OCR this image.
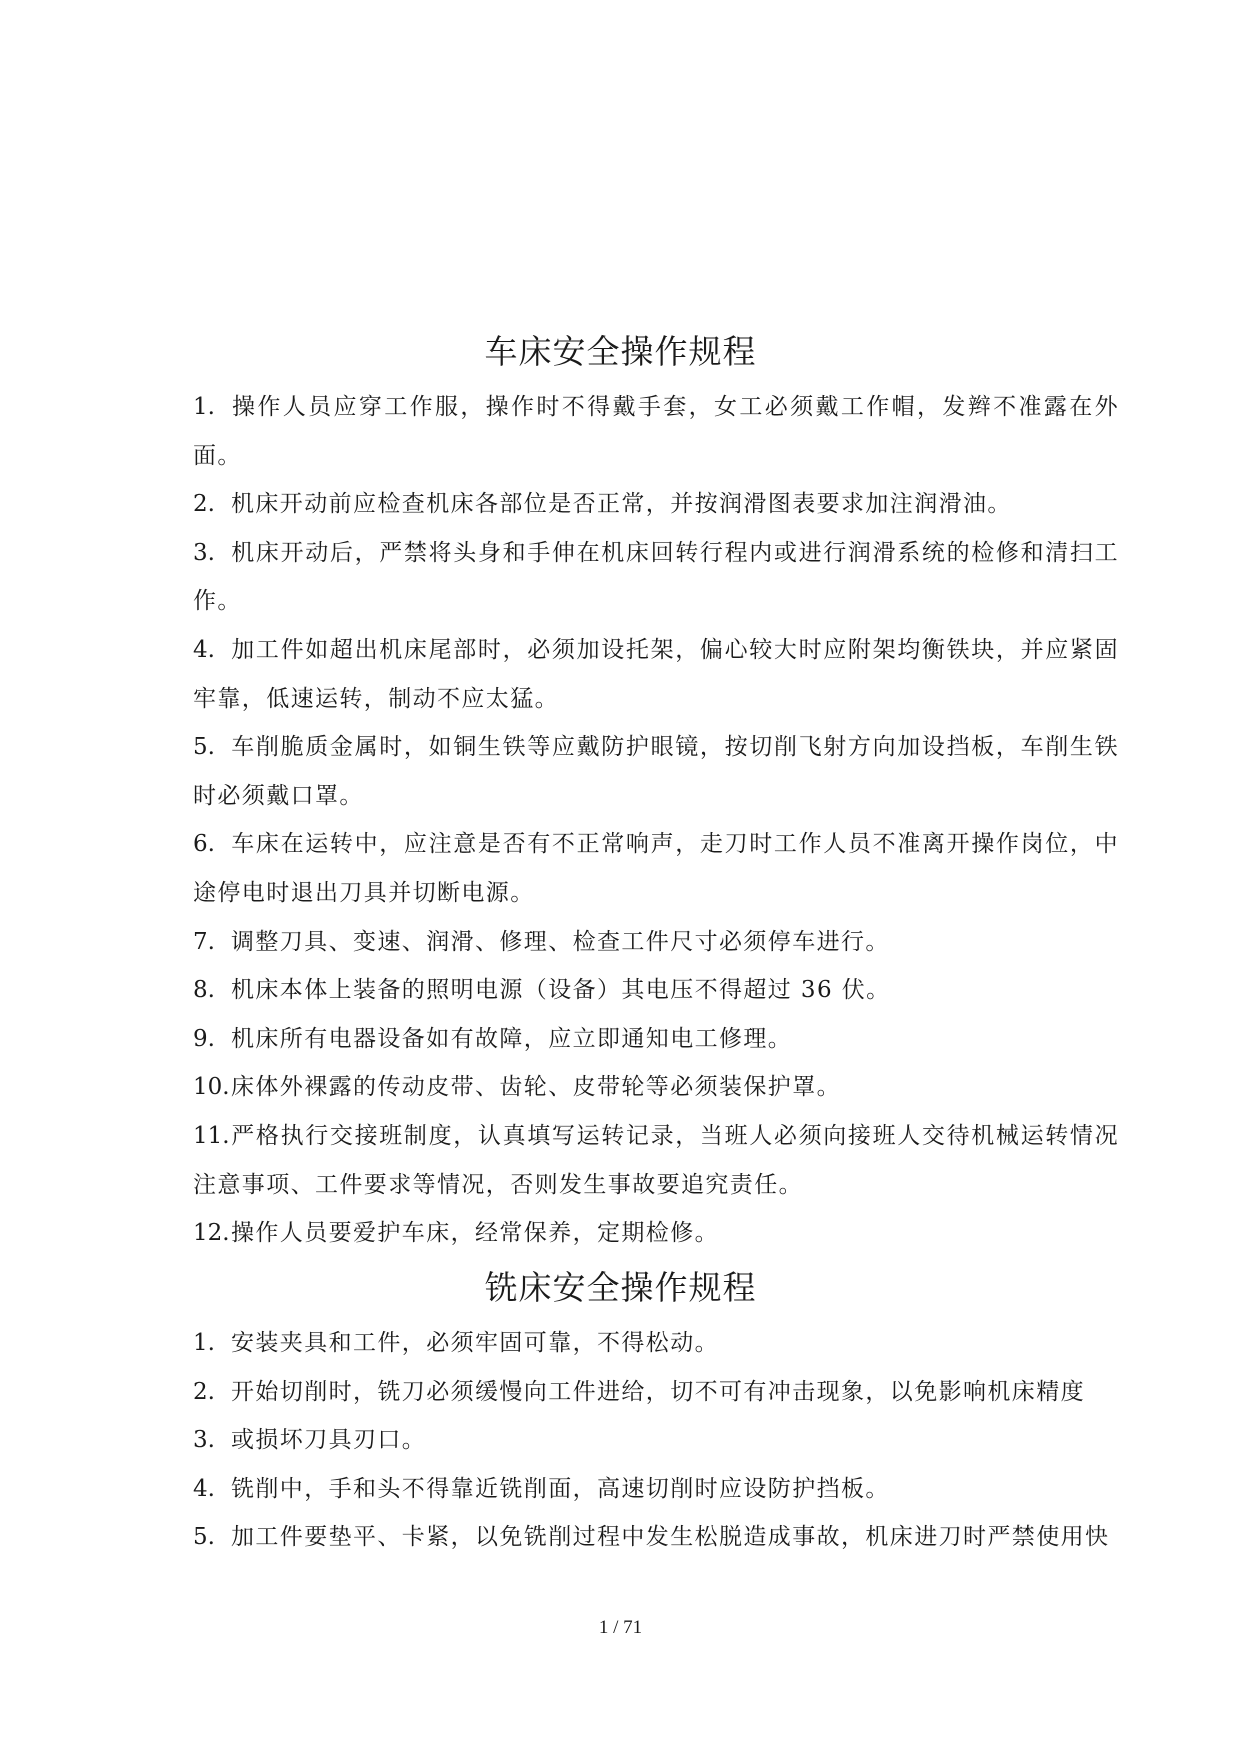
车床安全操作规程

1. 操作人员应穿工作服，操作时不得戴手套，女工必须戴工作帽，发辫不准露在外面。

2. 机床开动前应检查机床各部位是否正常，并按润滑图表要求加注润滑油。

3. 机床开动后，严禁将头身和手伸在机床回转行程内或进行润滑系统的检修和清扫工作。

4. 加工件如超出机床尾部时，必须加设托架，偏心较大时应附架均衡铁块，并应紧固牢靠，低速运转，制动不应太猛。

5. 车削脆质金属时，如铜生铁等应戴防护眼镜，按切削飞射方向加设挡板，车削生铁时必须戴口罩。

6. 车床在运转中，应注意是否有不正常响声，走刀时工作人员不准离开操作岗位，中途停电时退出刀具并切断电源。

7. 调整刀具、变速、润滑、修理、检查工件尺寸必须停车进行。

8. 机床本体上装备的照明电源（设备）其电压不得超过 36 伏。

9. 机床所有电器设备如有故障，应立即通知电工修理。

10.床体外裸露的传动皮带、齿轮、皮带轮等必须装保护罩。

11.严格执行交接班制度，认真填写运转记录，当班人必须向接班人交待机械运转情况注意事项、工件要求等情况，否则发生事故要追究责任。

12.操作人员要爱护车床，经常保养，定期检修。

铣床安全操作规程

1. 安装夹具和工件，必须牢固可靠，不得松动。

2. 开始切削时，铣刀必须缓慢向工件进给，切不可有冲击现象，以免影响机床精度

3. 或损坏刀具刃口。

4. 铣削中，手和头不得靠近铣削面，高速切削时应设防护挡板。

5. 加工件要垫平、卡紧，以免铣削过程中发生松脱造成事故，机床进刀时严禁使用快

1 / 71
